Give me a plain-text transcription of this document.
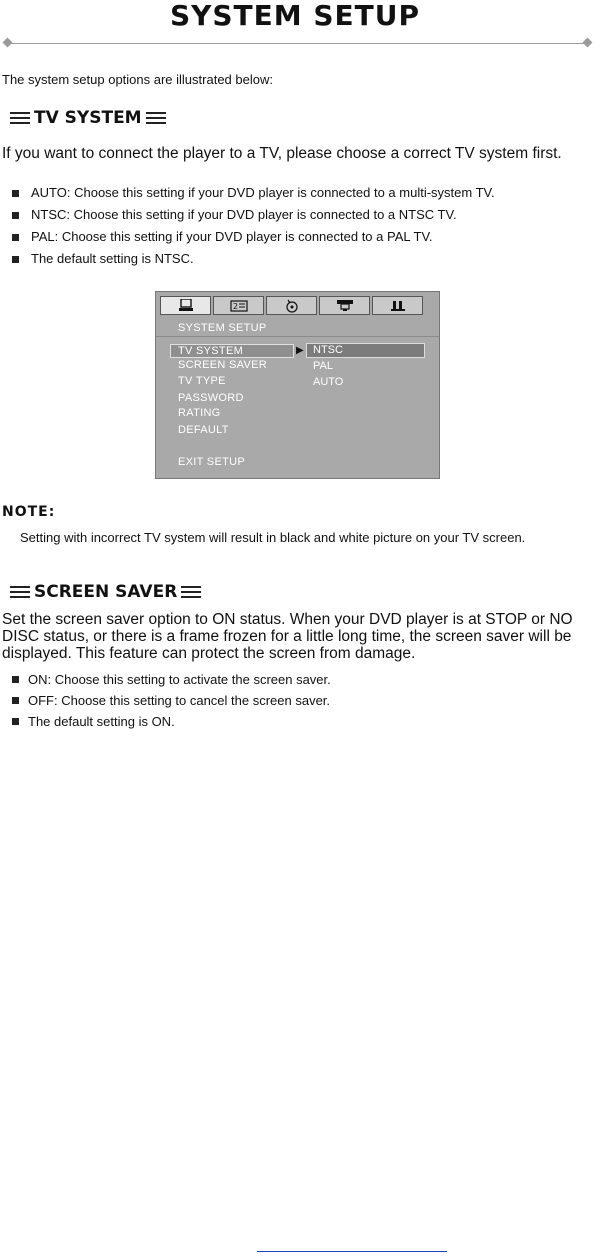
SYSTEM SETUP
The system setup options are illustrated below:
TV SYSTEM
If you want to connect the player to a TV, please choose a correct TV system first.
AUTO: Choose this setting if your DVD player is connected to a multi-system TV.
NTSC: Choose this setting if your DVD player is connected to a NTSC TV.
PAL: Choose this setting if your DVD player is connected to a PAL TV.
The default setting is NTSC.
2
SYSTEM SETUP
TV SYSTEM
SCREEN SAVER
TV TYPE
PASSWORD
RATING
DEFAULT
EXIT SETUP
▶ NTSC
PAL
AUTO
NOTE:
Setting with incorrect TV system will result in black and white picture on your TV screen.
SCREEN SAVER
Set the screen saver option to ON status. When your DVD player is at STOP or NO DISC status, or there is a frame frozen for a little long time, the screen saver will be displayed. This feature can protect the screen from damage.
ON: Choose this setting to activate the screen saver.
OFF: Choose this setting to cancel the screen saver.
The default setting is ON.
